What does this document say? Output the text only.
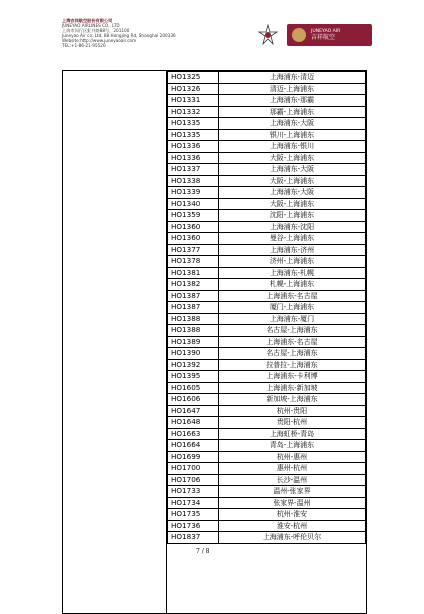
上海吉祥航空股份有限公司
JUNEYAO AIRLINES CO., LTD
上海市闵行区虹井路88号，201100
Juneyao Air co.,Ltd, 88 Hongjing Rd, Shanghai 200336
Website:http://www.juneyaoair.com
TEL:+1-86-21-95520
JUNEYAO AIR
吉祥航空
HO1325	上海浦东-清迈
HO1326	清迈-上海浦东
HO1331	上海浦东-那霸
HO1332	那霸-上海浦东
HO1335	上海浦东-大阪
HO1335	银川-上海浦东
HO1336	上海浦东-银川
HO1336	大阪-上海浦东
HO1337	上海浦东-大阪
HO1338	大阪-上海浦东
HO1339	上海浦东-大阪
HO1340	大阪-上海浦东
HO1359	沈阳-上海浦东
HO1360	上海浦东-沈阳
HO1360	曼谷-上海浦东
HO1377	上海浦东-济州
HO1378	济州-上海浦东
HO1381	上海浦东-札幌
HO1382	札幌-上海浦东
HO1387	上海浦东-名古屋
HO1387	厦门-上海浦东
HO1388	上海浦东-厦门
HO1388	名古屋-上海浦东
HO1389	上海浦东-名古屋
HO1390	名古屋-上海浦东
HO1392	拉普拉-上海浦东
HO1395	上海浦东-卡利博
HO1605	上海浦东-新加坡
HO1606	新加坡-上海浦东
HO1647	杭州-贵阳
HO1648	贵阳-杭州
HO1663	上海虹桥-青岛
HO1664	青岛-上海浦东
HO1699	杭州-惠州
HO1700	惠州-杭州
HO1706	长沙-温州
HO1733	温州-张家界
HO1734	张家界-温州
HO1735	杭州-淮安
HO1736	淮安-杭州
HO1837	上海浦东-呼伦贝尔
7 / 8
